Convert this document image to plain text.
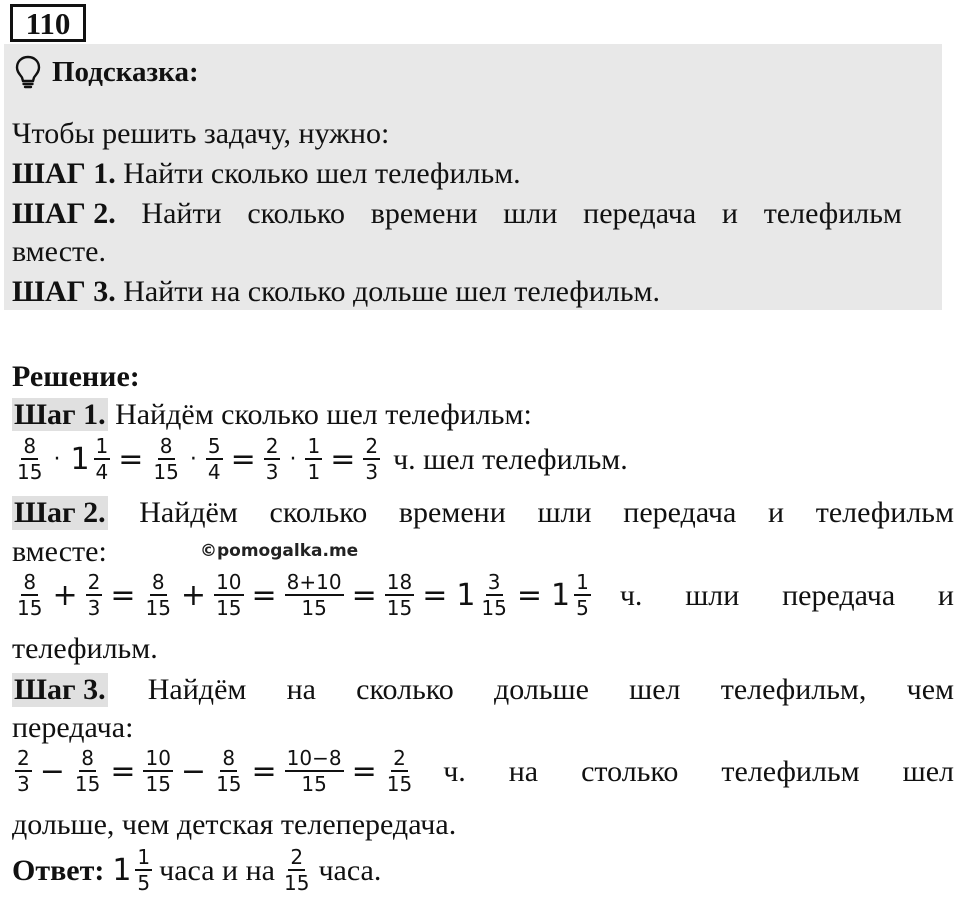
110
Подсказка:
Чтобы решить задачу, нужно:
ШАГ 1. Найти сколько шел телефильм.
ШАГ 2. Найти сколько времени шли передача и телефильм
вместе.
ШАГ 3. Найти на сколько дольше шел телефильм.
Решение:
Шаг 1. Найдём сколько шел телефильм:
$\frac{8}{15} \cdot 1 \frac{1}{4} = \frac{8}{15} \cdot \frac{5}{4} = \frac{2}{3} \cdot \frac{1}{1} = \frac{2}{3} ч$. шел телефильм.
Шаг 2. Найдём сколько времени шли передача и телефильм
вместе:	©pomogalka.me
$\frac{8}{15} + \frac{2}{3} = \frac{8}{15} + \frac{10}{15} = \frac{8+10}{15} = \frac{18}{15} = 1 \frac{3}{15} = 1 \frac{1}{5} ч$. шли передача и
телефильм.
Шаг 3. Найдём на сколько дольше шел телефильм, чем
передача:
$\frac{2}{3} - \frac{8}{15} = \frac{10}{15} - \frac{8}{15} = \frac{10-8}{15} = \frac{2}{15} ч$. на столько телефильм шел
дольше, чем детская телепередача.
Ответ: $1 \frac{1}{5}$ часа и на $\frac{2}{15}$ часа.
